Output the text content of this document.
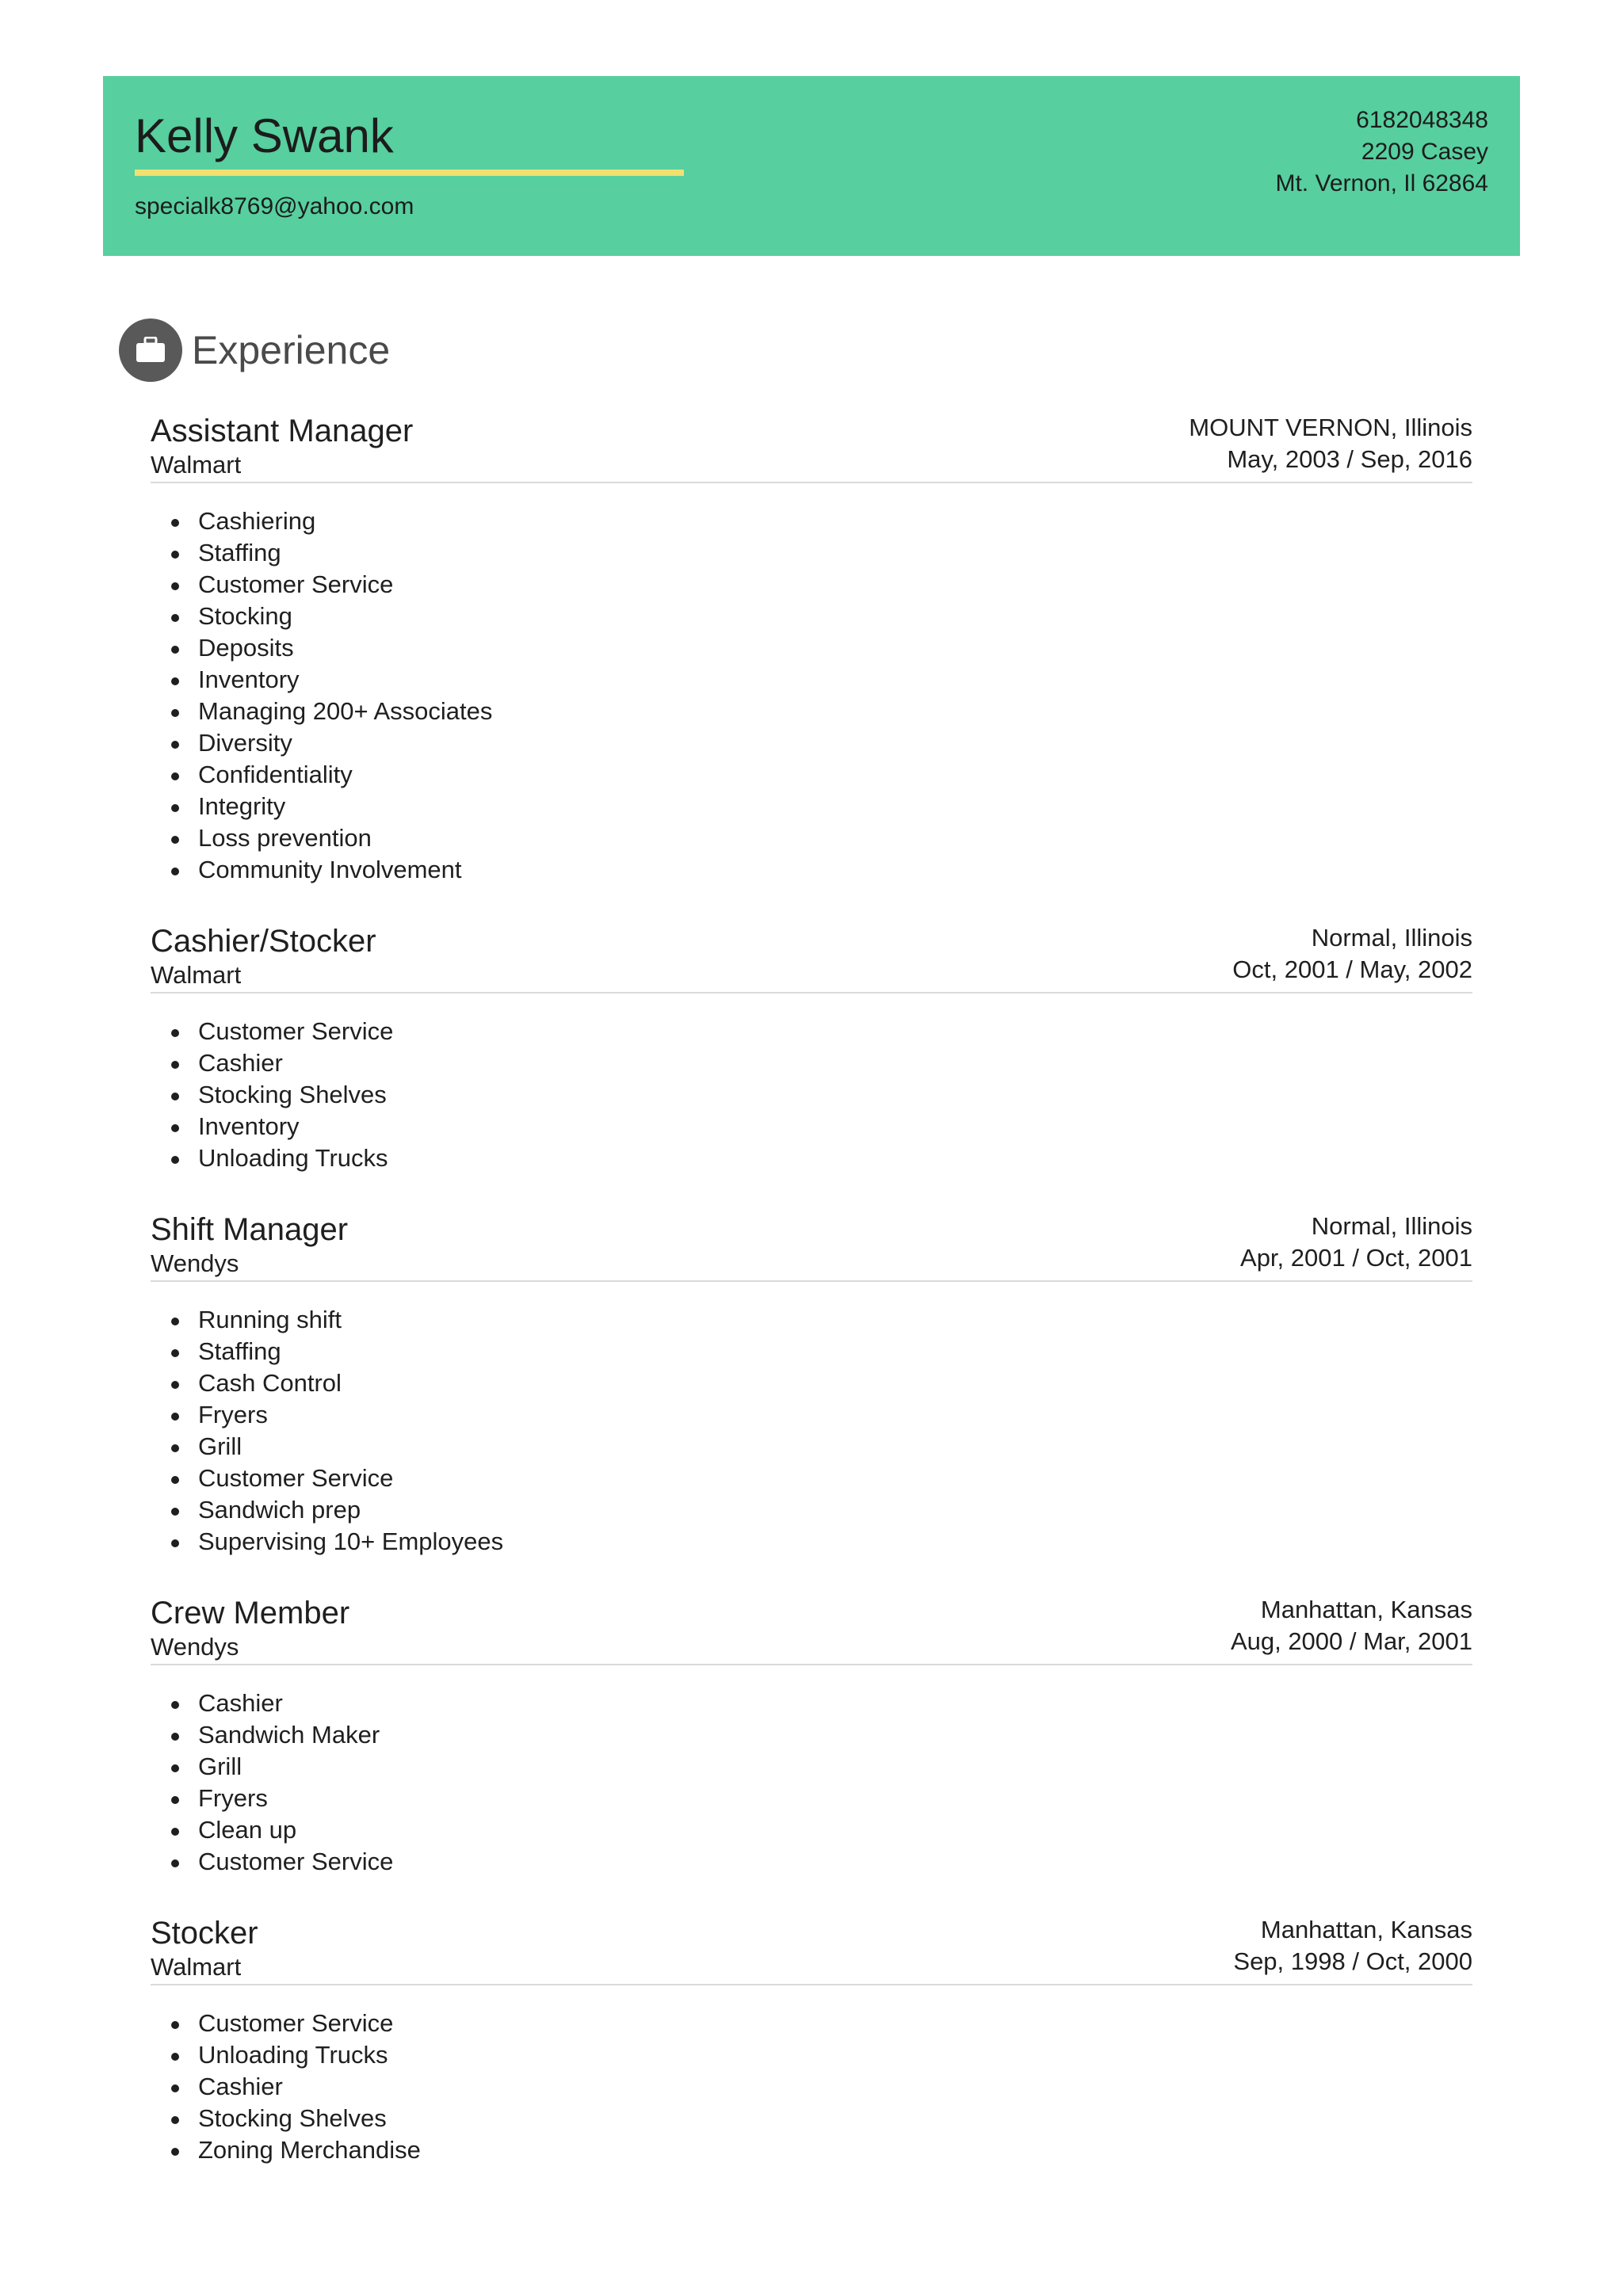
Kelly Swank
specialk8769@yahoo.com
6182048348
2209 Casey
Mt. Vernon, Il 62864
Experience
Assistant Manager
Walmart
MOUNT VERNON, Illinois
May, 2003 / Sep, 2016
Cashiering
Staffing
Customer Service
Stocking
Deposits
Inventory
Managing 200+ Associates
Diversity
Confidentiality
Integrity
Loss prevention
Community Involvement
Cashier/Stocker
Walmart
Normal, Illinois
Oct, 2001 / May, 2002
Customer Service
Cashier
Stocking Shelves
Inventory
Unloading Trucks
Shift Manager
Wendys
Normal, Illinois
Apr, 2001 / Oct, 2001
Running shift
Staffing
Cash Control
Fryers
Grill
Customer Service
Sandwich prep
Supervising 10+ Employees
Crew Member
Wendys
Manhattan, Kansas
Aug, 2000 / Mar, 2001
Cashier
Sandwich Maker
Grill
Fryers
Clean up
Customer Service
Stocker
Walmart
Manhattan, Kansas
Sep, 1998 / Oct, 2000
Customer Service
Unloading Trucks
Cashier
Stocking Shelves
Zoning Merchandise
